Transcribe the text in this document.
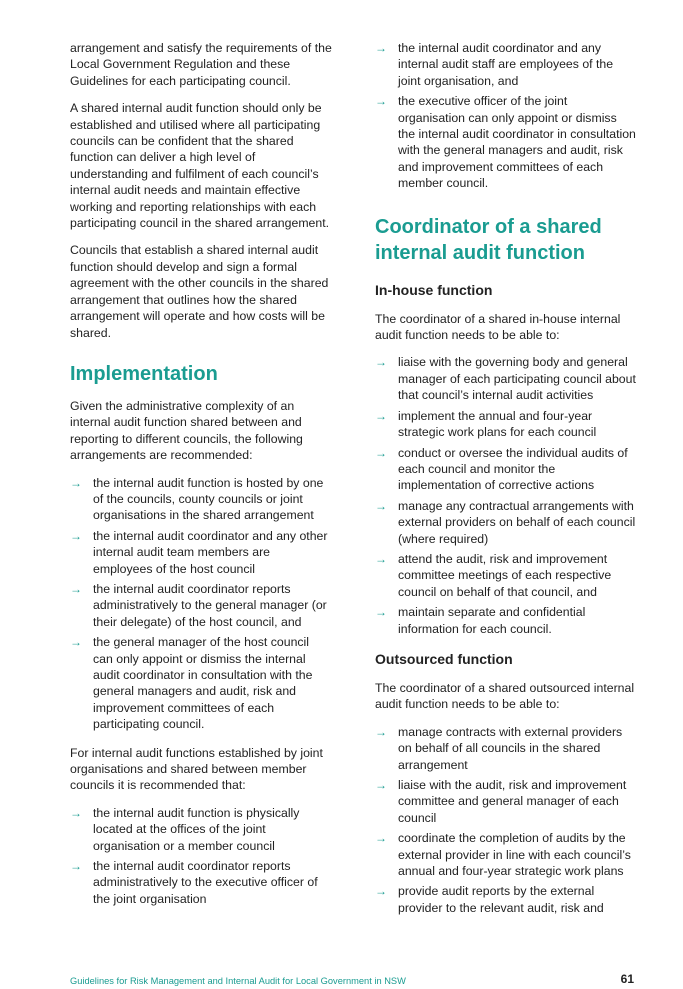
arrangement and satisfy the requirements of the Local Government Regulation and these Guidelines for each participating council.

A shared internal audit function should only be established and utilised where all participating councils can be confident that the shared function can deliver a high level of understanding and fulfilment of each council’s internal audit needs and maintain effective working and reporting relationships with each participating council in the shared arrangement.

Councils that establish a shared internal audit function should develop and sign a formal agreement with the other councils in the shared arrangement that outlines how the shared arrangement will operate and how costs will be shared.

Implementation

Given the administrative complexity of an internal audit function shared between and reporting to different councils, the following arrangements are recommended:

→ the internal audit function is hosted by one of the councils, county councils or joint organisations in the shared arrangement
→ the internal audit coordinator and any other internal audit team members are employees of the host council
→ the internal audit coordinator reports administratively to the general manager (or their delegate) of the host council, and
→ the general manager of the host council can only appoint or dismiss the internal audit coordinator in consultation with the general managers and audit, risk and improvement committees of each participating council.

For internal audit functions established by joint organisations and shared between member councils it is recommended that:

→ the internal audit function is physically located at the offices of the joint organisation or a member council
→ the internal audit coordinator reports administratively to the executive officer of the joint organisation
→ the internal audit coordinator and any internal audit staff are employees of the joint organisation, and
→ the executive officer of the joint organisation can only appoint or dismiss the internal audit coordinator in consultation with the general managers and audit, risk and improvement committees of each member council.
Coordinator of a shared internal audit function
In-house function

The coordinator of a shared in-house internal audit function needs to be able to:

→ liaise with the governing body and general manager of each participating council about that council’s internal audit activities
→ implement the annual and four-year strategic work plans for each council
→ conduct or oversee the individual audits of each council and monitor the implementation of corrective actions
→ manage any contractual arrangements with external providers on behalf of each council (where required)
→ attend the audit, risk and improvement committee meetings of each respective council on behalf of that council, and
→ maintain separate and confidential information for each council.
Outsourced function

The coordinator of a shared outsourced internal audit function needs to be able to:

→ manage contracts with external providers on behalf of all councils in the shared arrangement
→ liaise with the audit, risk and improvement committee and general manager of each council
→ coordinate the completion of audits by the external provider in line with each council’s annual and four-year strategic work plans
→ provide audit reports by the external provider to the relevant audit, risk and
Guidelines for Risk Management and Internal Audit for Local Government in NSW	61
